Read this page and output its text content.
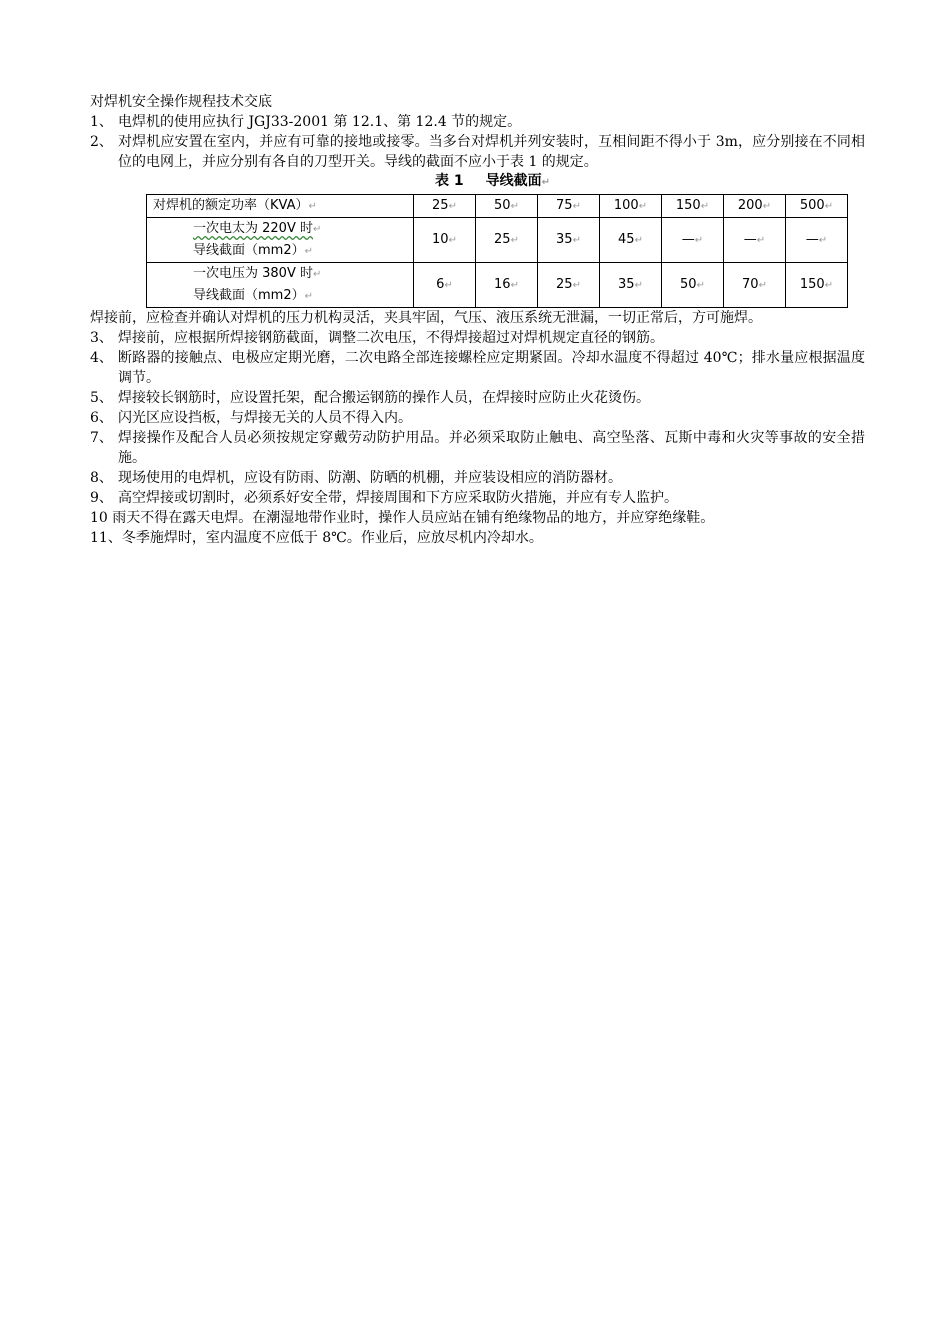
对焊机安全操作规程技术交底

1、 电焊机的使用应执行 JGJ33-2001 第 12.1、第 12.4 节的规定。
2、 对焊机应安置在室内，并应有可靠的接地或接零。当多台对焊机并列安装时，互相间距不得小于 3m，应分别接在不同相位的电网上，并应分别有各自的刀型开关。导线的截面不应小于表 1 的规定。
表 1 导线截面↵
对焊机的额定功率（KVA）↵	25↵	50↵	75↵	100↵	150↵	200↵	500↵
一次电太为 220V 时↵
导线截面（mm2）↵	10↵	25↵	35↵	45↵	—↵	—↵	—↵
一次电压为 380V 时↵
导线截面（mm2）↵	6↵	16↵	25↵	35↵	50↵	70↵	150↵

焊接前，应检查并确认对焊机的压力机构灵活，夹具牢固，气压、液压系统无泄漏，一切正常后，方可施焊。

3、 焊接前，应根据所焊接钢筋截面，调整二次电压，不得焊接超过对焊机规定直径的钢筋。
4、 断路器的接触点、电极应定期光磨，二次电路全部连接螺栓应定期紧固。冷却水温度不得超过 40℃；排水量应根据温度调节。
5、 焊接较长钢筋时，应设置托架，配合搬运钢筋的操作人员，在焊接时应防止火花烫伤。
6、 闪光区应设挡板，与焊接无关的人员不得入内。
7、 焊接操作及配合人员必须按规定穿戴劳动防护用品。并必须采取防止触电、高空坠落、瓦斯中毒和火灾等事故的安全措施。
8、 现场使用的电焊机，应设有防雨、防潮、防晒的机棚，并应装设相应的消防器材。
9、 高空焊接或切割时，必须系好安全带，焊接周围和下方应采取防火措施，并应有专人监护。

10 雨天不得在露天电焊。在潮湿地带作业时，操作人员应站在铺有绝缘物品的地方，并应穿绝缘鞋。

11、冬季施焊时，室内温度不应低于 8℃。作业后，应放尽机内冷却水。
